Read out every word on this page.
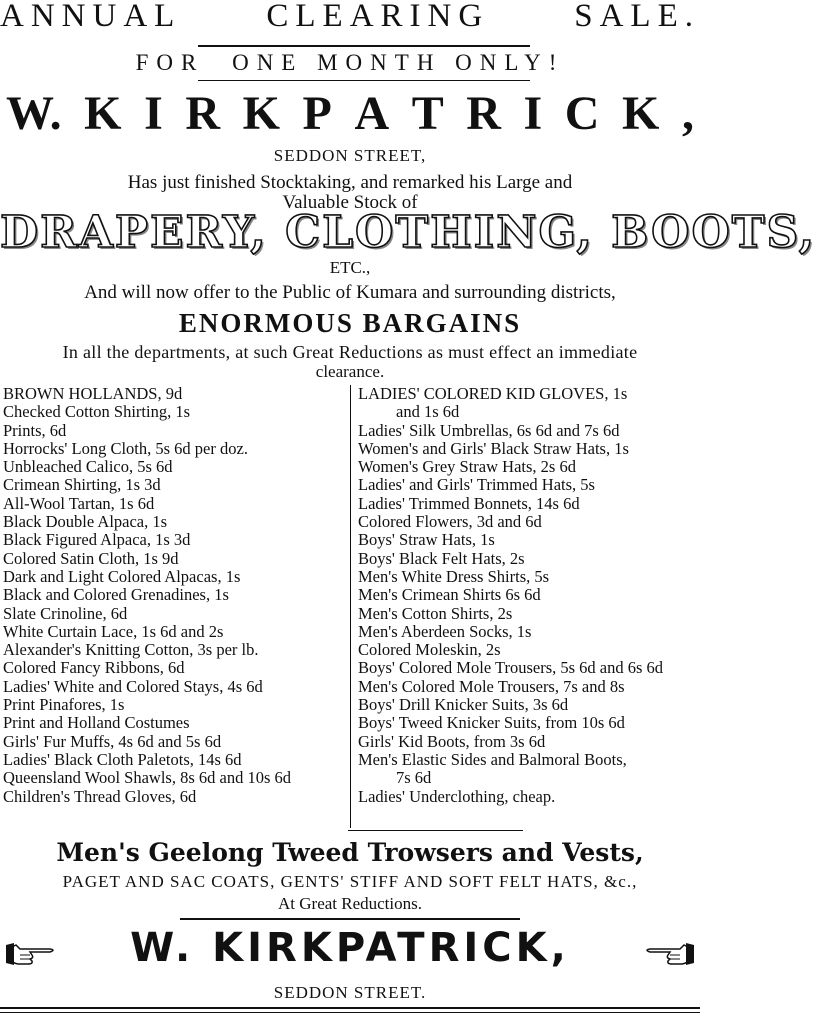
ANNUAL	CLEARING	SALE.
FOR ONE MONTH ONLY!
W. K I R K P A T R I C K ,
SEDDON STREET,
Has just finished Stocktaking, and remarked his Large and
Valuable Stock of
DRAPERY, CLOTHING, BOOTS,
ETC.,
And will now offer to the Public of Kumara and surrounding districts,
ENORMOUS BARGAINS
In all the departments, at such Great Reductions as must effect an immediate
clearance.
BROWN HOLLANDS, 9d
Checked Cotton Shirting, 1s
Prints, 6d
Horrocks' Long Cloth, 5s 6d per doz.
Unbleached Calico, 5s 6d
Crimean Shirting, 1s 3d
All-Wool Tartan, 1s 6d
Black Double Alpaca, 1s
Black Figured Alpaca, 1s 3d
Colored Satin Cloth, 1s 9d
Dark and Light Colored Alpacas, 1s
Black and Colored Grenadines, 1s
Slate Crinoline, 6d
White Curtain Lace, 1s 6d and 2s
Alexander's Knitting Cotton, 3s per lb.
Colored Fancy Ribbons, 6d
Ladies' White and Colored Stays, 4s 6d
Print Pinafores, 1s
Print and Holland Costumes
Girls' Fur Muffs, 4s 6d and 5s 6d
Ladies' Black Cloth Paletots, 14s 6d
Queensland Wool Shawls, 8s 6d and 10s 6d
Children's Thread Gloves, 6d
LADIES' COLORED KID GLOVES, 1s
and 1s 6d
Ladies' Silk Umbrellas, 6s 6d and 7s 6d
Women's and Girls' Black Straw Hats, 1s
Women's Grey Straw Hats, 2s 6d
Ladies' and Girls' Trimmed Hats, 5s
Ladies' Trimmed Bonnets, 14s 6d
Colored Flowers, 3d and 6d
Boys' Straw Hats, 1s
Boys' Black Felt Hats, 2s
Men's White Dress Shirts, 5s
Men's Crimean Shirts 6s 6d
Men's Cotton Shirts, 2s
Men's Aberdeen Socks, 1s
Colored Moleskin, 2s
Boys' Colored Mole Trousers, 5s 6d and 6s 6d
Men's Colored Mole Trousers, 7s and 8s
Boys' Drill Knicker Suits, 3s 6d
Boys' Tweed Knicker Suits, from 10s 6d
Girls' Kid Boots, from 3s 6d
Men's Elastic Sides and Balmoral Boots,
7s 6d
Ladies' Underclothing, cheap.
Men's Geelong Tweed Trowsers and Vests,
PAGET AND SAC COATS, GENTS' STIFF AND SOFT FELT HATS, &c.,
At Great Reductions.
W. KIRKPATRICK,
SEDDON STREET.
